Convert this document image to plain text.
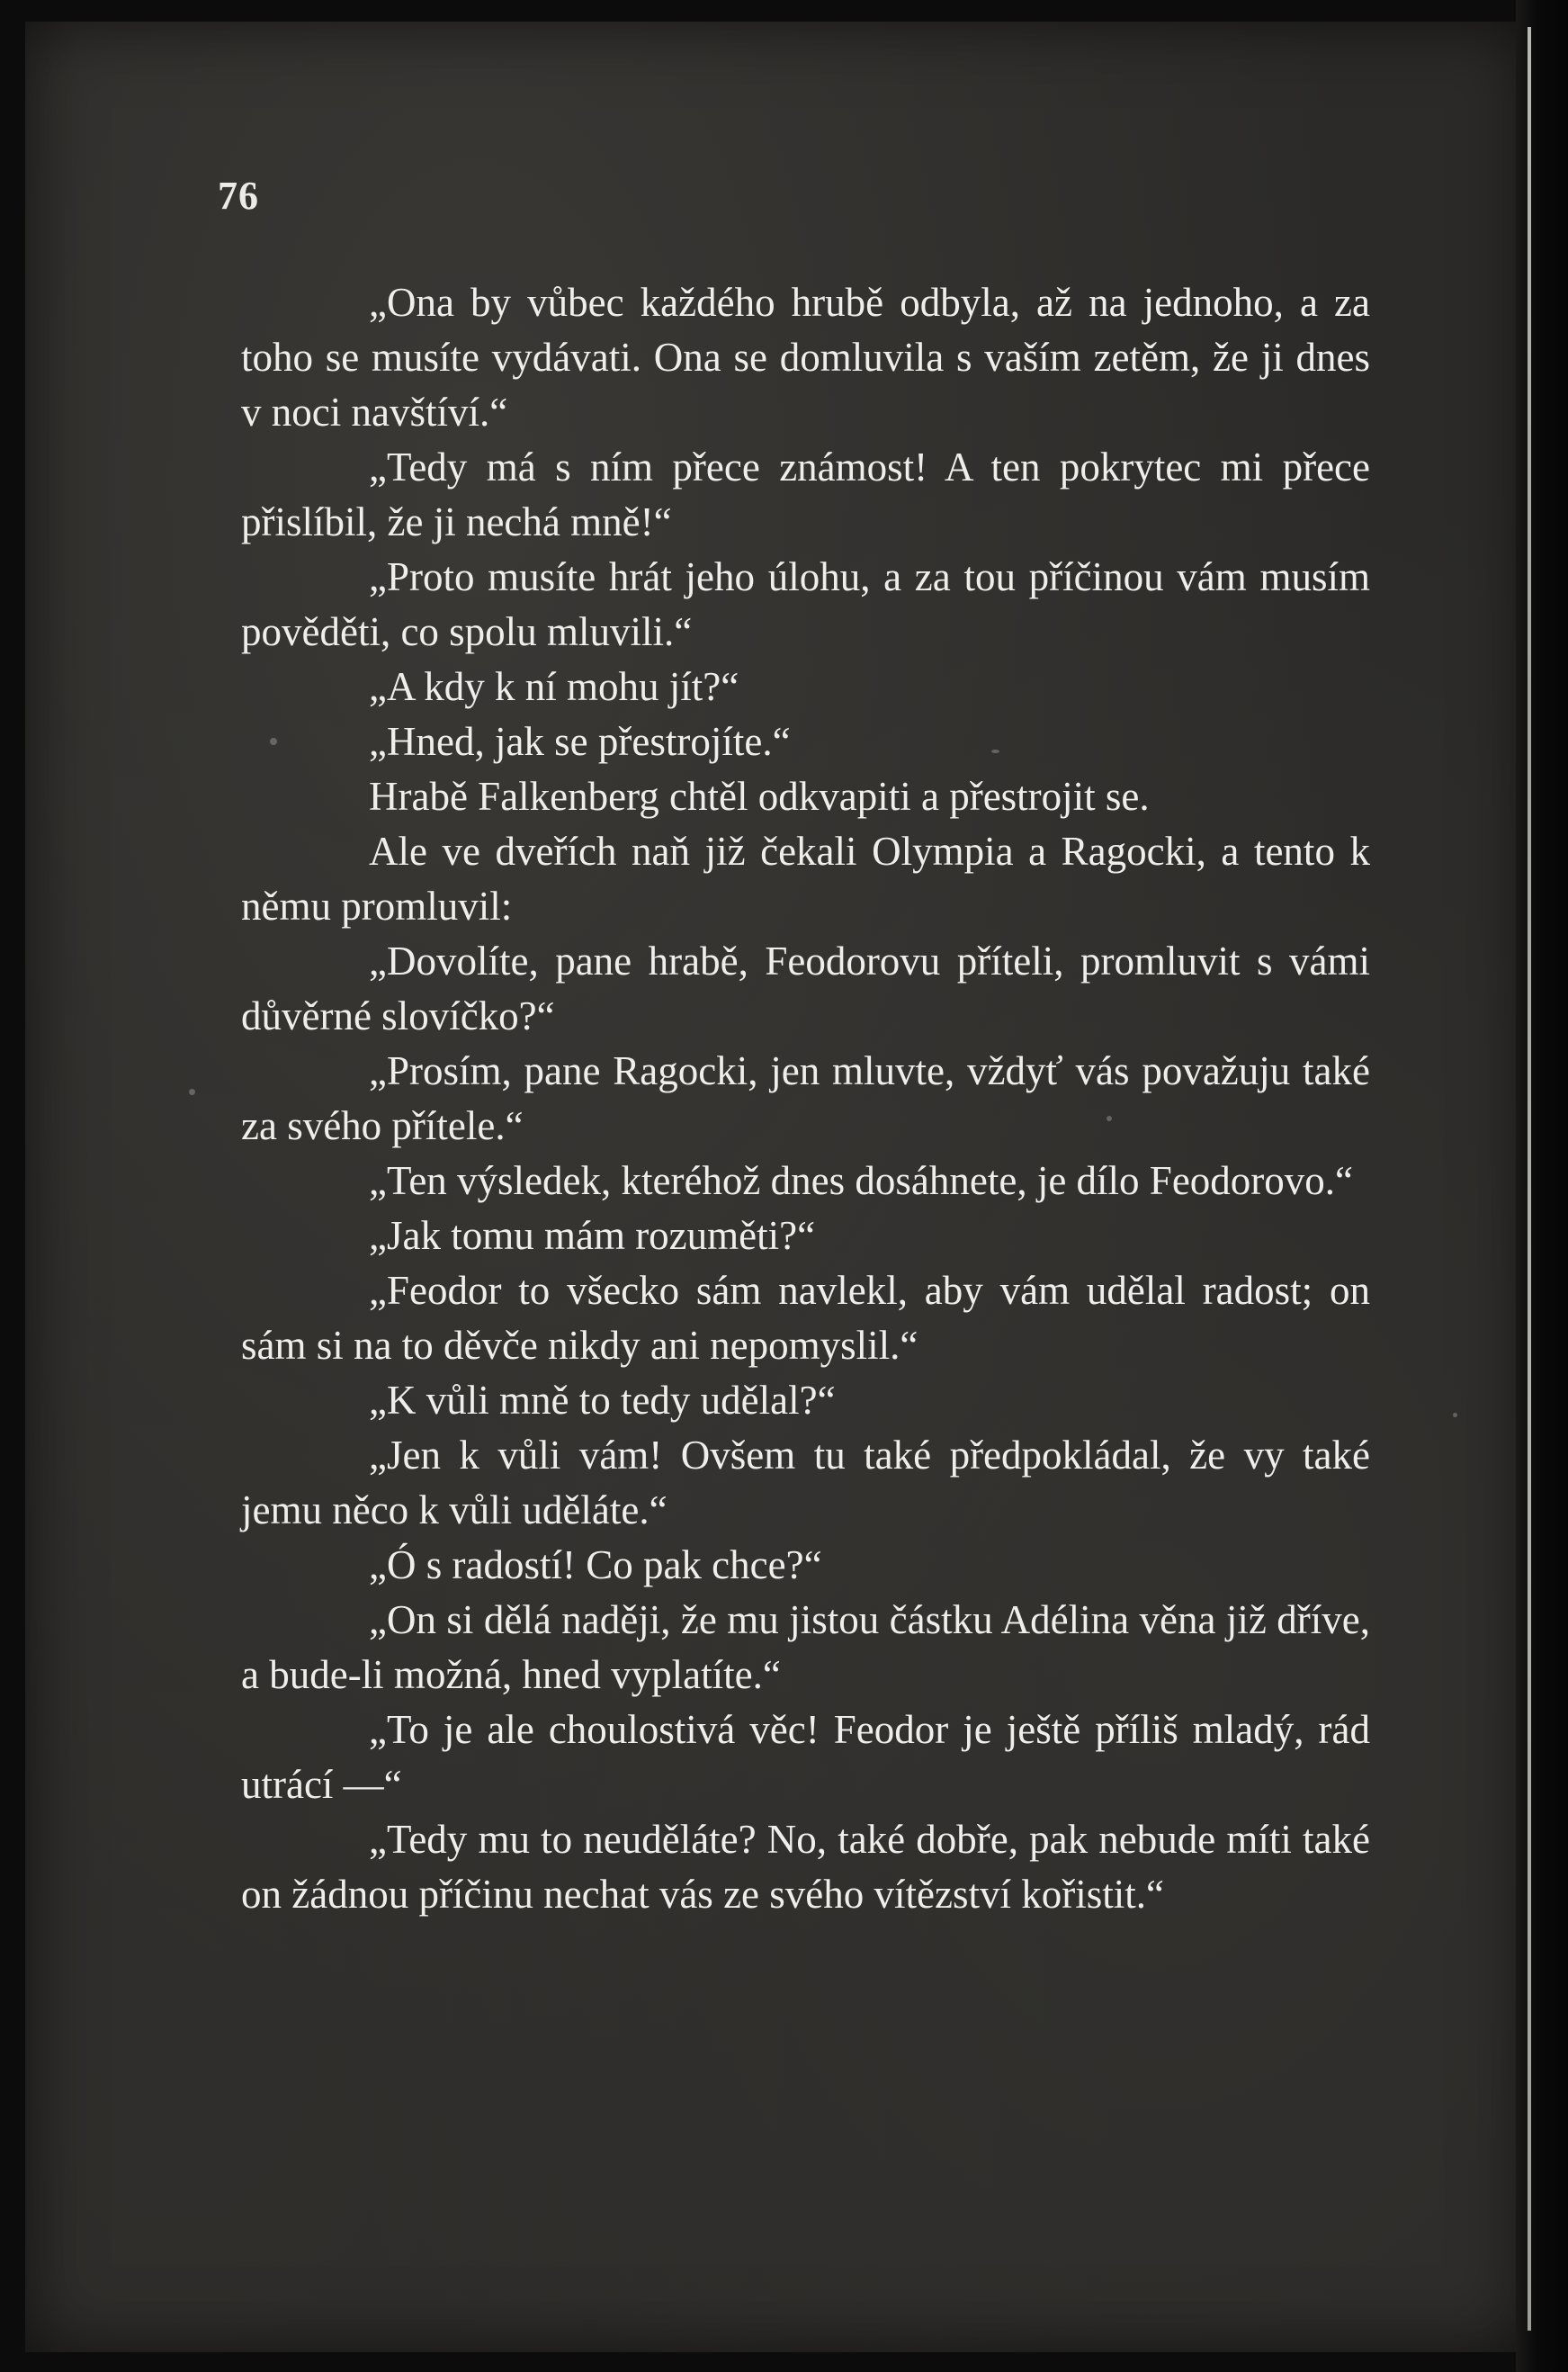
76

„Ona by vůbec každého hrubě odbyla, až na jednoho, a za toho se musíte vydávati. Ona se domluvila s vaším zetěm, že ji dnes v noci navštíví.“

„Tedy má s ním přece známost! A ten pokrytec mi přece přislíbil, že ji nechá mně!“

„Proto musíte hrát jeho úlohu, a za tou příčinou vám musím pověděti, co spolu mluvili.“

„A kdy k ní mohu jít?“

„Hned, jak se přestrojíte.“

Hrabě Falkenberg chtěl odkvapiti a přestrojit se.

Ale ve dveřích naň již čekali Olympia a Ragocki, a tento k němu promluvil:

„Dovolíte, pane hrabě, Feodorovu příteli, promluvit s vámi důvěrné slovíčko?“

„Prosím, pane Ragocki, jen mluvte, vždyť vás považuju také za svého přítele.“

„Ten výsledek, kteréhož dnes dosáhnete, je dílo Feodorovo.“

„Jak tomu mám rozuměti?“

„Feodor to všecko sám navlekl, aby vám udělal radost; on sám si na to děvče nikdy ani nepomyslil.“

„K vůli mně to tedy udělal?“

„Jen k vůli vám! Ovšem tu také předpokládal, že vy také jemu něco k vůli uděláte.“

„Ó s radostí! Co pak chce?“

„On si dělá naději, že mu jistou částku Adélina věna již dříve, a bude-li možná, hned vyplatíte.“

„To je ale choulostivá věc! Feodor je ještě příliš mladý, rád utrácí —“

„Tedy mu to neuděláte? No, také dobře, pak nebude míti také on žádnou příčinu nechat vás ze svého vítězství kořistit.“
